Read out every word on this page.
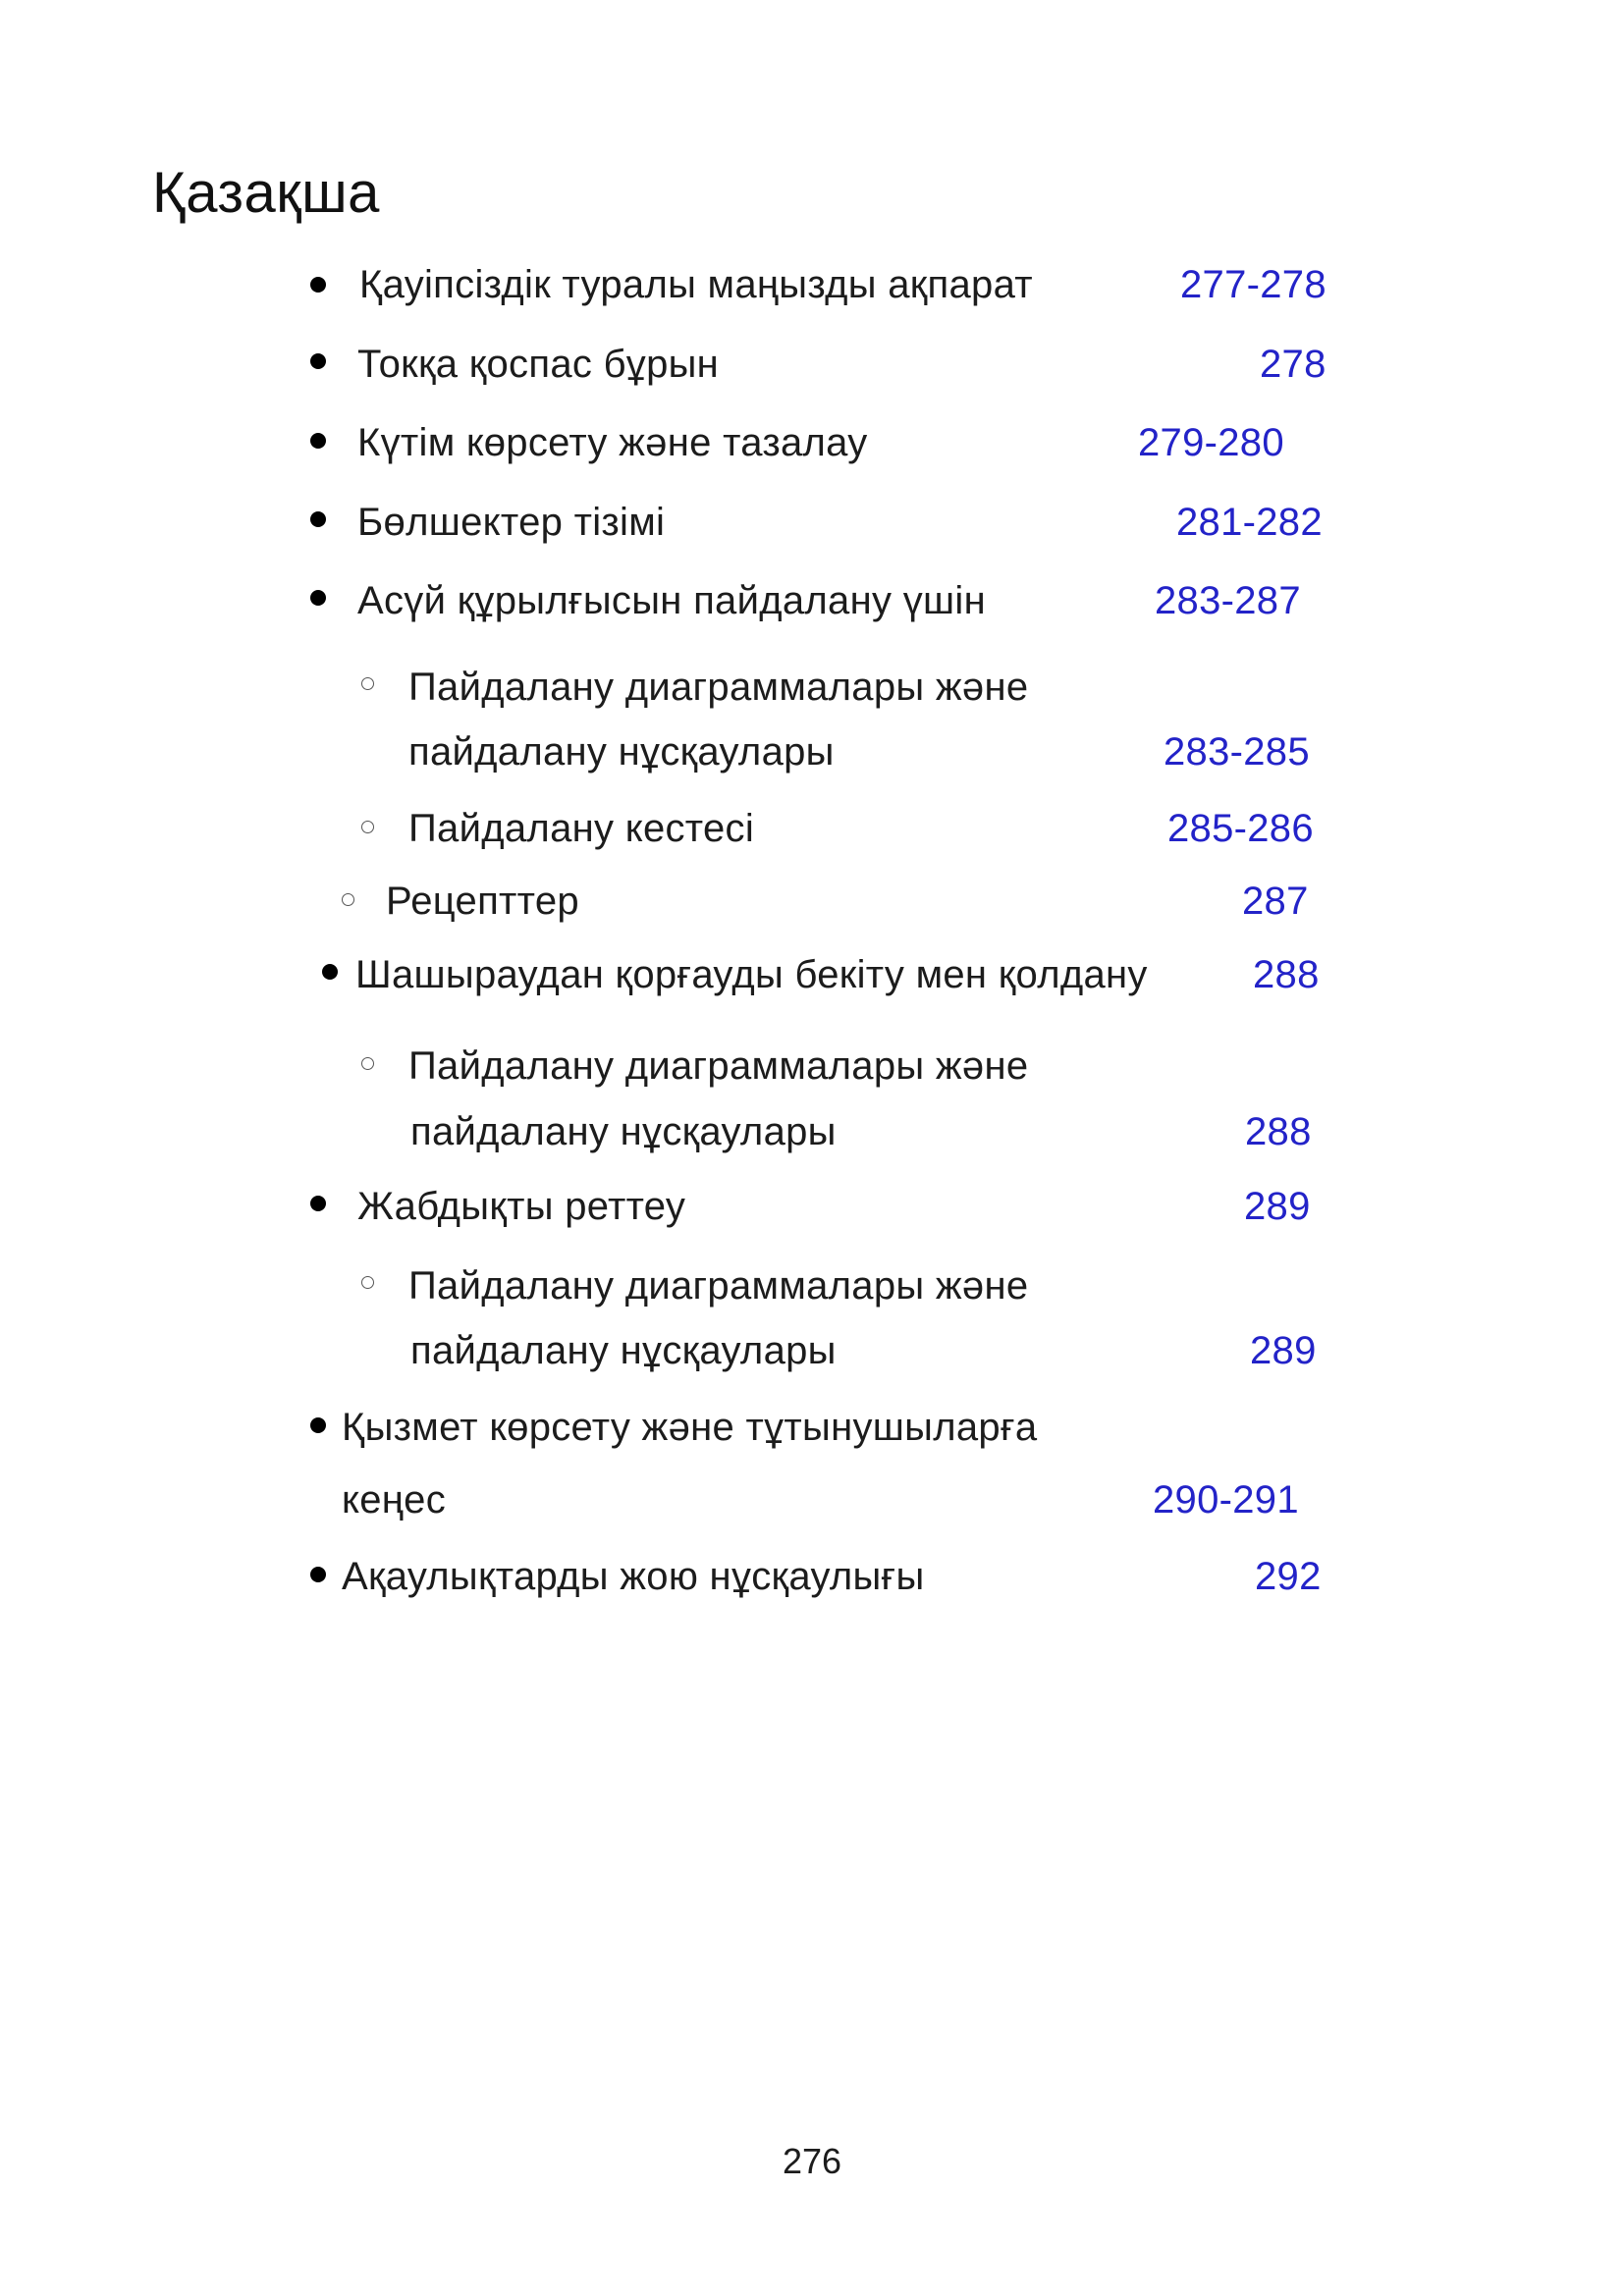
Қазақша
Қауіпсіздік туралы маңызды ақпарат	277-278
Токқа қоспас бұрын	278
Күтім көрсету және тазалау	279-280
Бөлшектер тізімі	281-282
Асүй құрылғысын пайдалану үшін	283-287
Пайдалану диаграммалары және
пайдалану нұсқаулары	283-285
Пайдалану кестесі	285-286
Рецепттер	287
Шашыраудан қорғауды бекіту мен қолдану	288
Пайдалану диаграммалары және
пайдалану нұсқаулары	288
Жабдықты реттеу	289
Пайдалану диаграммалары және
пайдалану нұсқаулары	289
Қызмет көрсету және тұтынушыларға
кеңес	290-291
Ақаулықтарды жою нұсқаулығы	292
276
